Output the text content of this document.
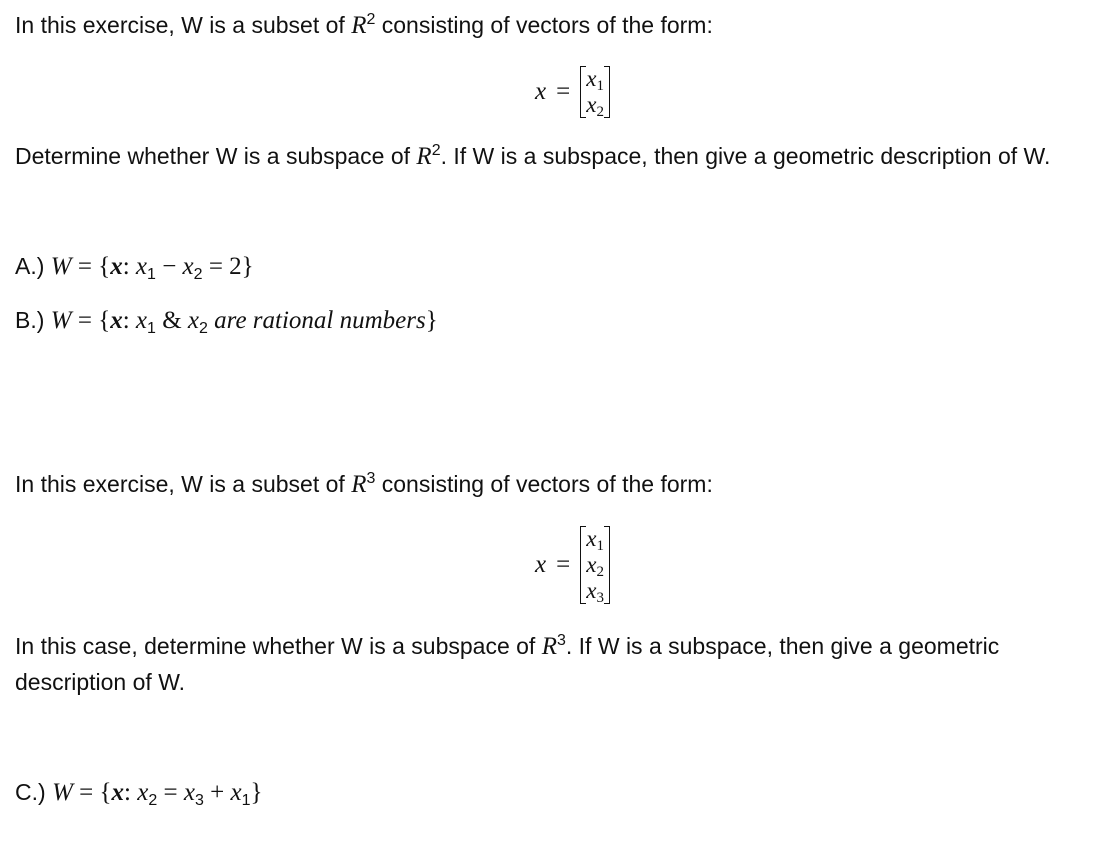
In this exercise, W is a subset of $R^2$ consisting of vectors of the form:
$x = x_1$
$x_2$
Determine whether W is a subspace of $R^2$. If W is a subspace, then give a geometric description of W.
A.) W = {x: $x_1 - x_2 = 2$}
B.) W = {x: $x_1$ & $x_2$ are rational numbers}
In this exercise, W is a subset of $R^3$ consisting of vectors of the form:
x =
$x_1$
$x_2$
$x_3$
In this case, determine whether W is a subspace of $R^3$. If W is a subspace, then give a geometric
description of W.
C.) W = {x: $x_2 = x_3 + x_1$}
